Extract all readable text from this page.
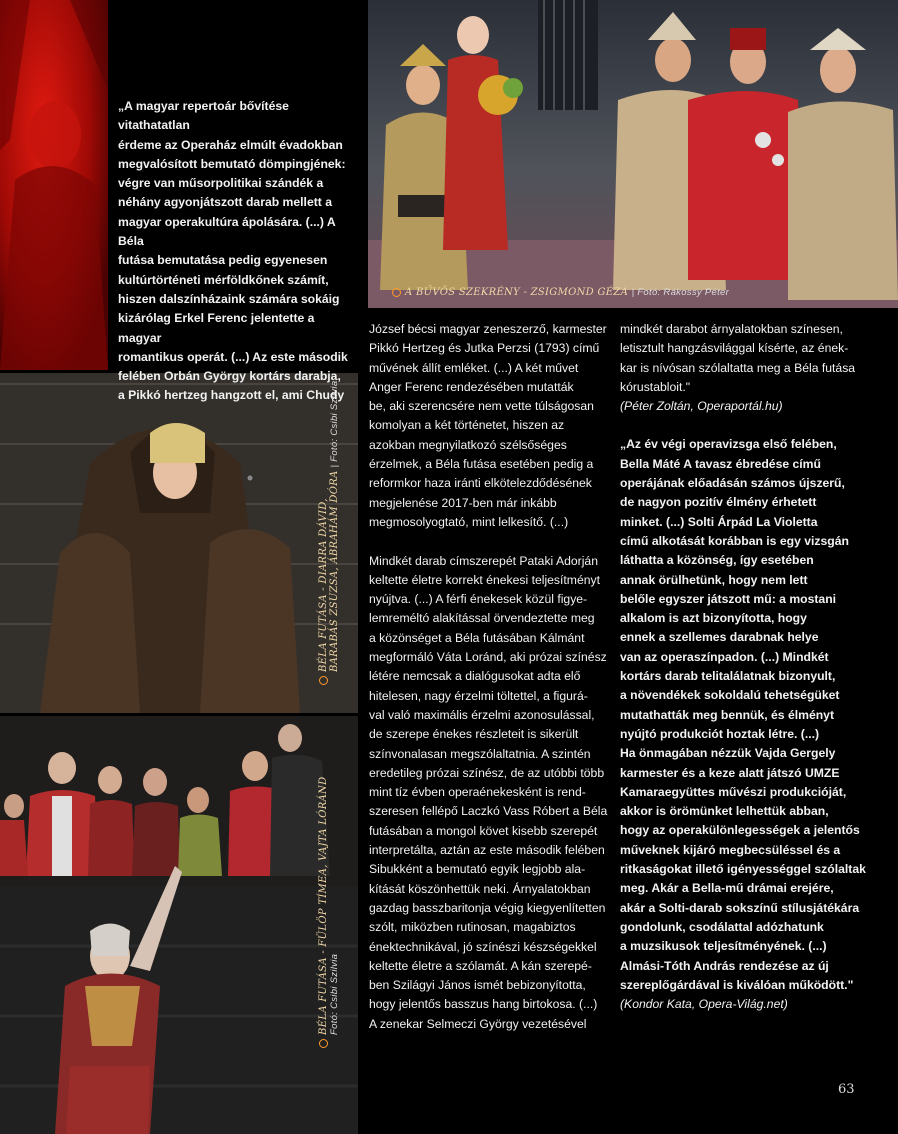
A BŰVÖS SZEKRÉNY - ZSIGMOND GÉZA | Fotó: Rákossy Péter
BÉLA FUTÁSA - DIARRA DÁVID, BARABÁS ZSUZSA, ÁBRAHÁM DÓRA | Fotó: Csibi Szilvia
BÉLA FUTÁSA - FÜLÖP TÍMEA, VAJTA LÓRÁND Fotó: Csibi Szilvia

„A magyar repertoár bővítése vitathatatlan

érdeme az Operaház elmúlt évadokban

megvalósított bemutató dömpingjének:

végre van műsorpolitikai szándék a

néhány agyonjátszott darab mellett a

magyar operakultúra ápolására. (...) A Béla

futása bemutatása pedig egyenesen

kultúrtörténeti mérföldkőnek számít,

hiszen dalszínházaink számára sokáig

kizárólag Erkel Ferenc jelentette a magyar

romantikus operát. (...) Az este második

felében Orbán György kortárs darabja,

a Pikkó hertzeg hangzott el, ami Chudy

József bécsi magyar zeneszerző, karmester

Pikkó Hertzeg és Jutka Perzsi (1793) című

művének állít emléket. (...) A két művet

Anger Ferenc rendezésében mutatták

be, aki szerencsére nem vette túlságosan

komolyan a két történetet, hiszen az

azokban megnyilatkozó szélsőséges

érzelmek, a Béla futása esetében pedig a

reformkor haza iránti elkötelezdődésének

megjelenése 2017-ben már inkább

megmosolyogtató, mint lelkesítő. (...)

Mindkét darab címszerepét Pataki Adorján

keltette életre korrekt énekesi teljesítményt

nyújtva. (...) A férfi énekesek közül figye-

lemreméltó alakítással örvendeztette meg

a közönséget a Béla futásában Kálmánt

megformáló Váta Loránd, aki prózai színész

létére nemcsak a dialógusokat adta elő

hitelesen, nagy érzelmi töltettel, a figurá-

val való maximális érzelmi azonosulással,

de szerepe énekes részleteit is sikerült

színvonalasan megszólaltatnia. A szintén

eredetileg prózai színész, de az utóbbi több

mint tíz évben operaénekesként is rend-

szeresen fellépő Laczkó Vass Róbert a Béla

futásában a mongol követ kisebb szerepét

interpretálta, aztán az este második felében

Sibukként a bemutató egyik legjobb ala-

kítását köszönhettük neki. Árnyalatokban

gazdag basszbaritonja végig kiegyenlítetten

szólt, miközben rutinosan, magabiztos

énektechnikával, jó színészi készségekkel

keltette életre a szólamát. A kán szerepé-

ben Szilágyi János ismét bebizonyította,

hogy jelentős basszus hang birtokosa. (...)

A zenekar Selmeczi György vezetésével

mindkét darabot árnyalatokban színesen,

letisztult hangzásvilággal kísérte, az ének-

kar is nívósan szólaltatta meg a Béla futása

kórustabloit."

(Péter Zoltán, Operaportál.hu)

„Az év végi operavizsga első felében,

Bella Máté A tavasz ébredése című

operájának előadásán számos újszerű,

de nagyon pozitív élmény érhetett

minket. (...) Solti Árpád La Violetta

című alkotását korábban is egy vizsgán

láthatta a közönség, így esetében

annak örülhetünk, hogy nem lett

belőle egyszer játszott mű: a mostani

alkalom is azt bizonyította, hogy

ennek a szellemes darabnak helye

van az operaszínpadon. (...) Mindkét

kortárs darab telitalálatnak bizonyult,

a növendékek sokoldalú tehetségüket

mutathatták meg bennük, és élményt

nyújtó produkciót hoztak létre. (...)

Ha önmagában nézzük Vajda Gergely

karmester és a keze alatt játszó UMZE

Kamaraegyüttes művészi produkcióját,

akkor is örömünket lelhettük abban,

hogy az operakülönlegességek a jelentős

műveknek kijáró megbecsüléssel és a

ritkaságokat illető igényességgel szólaltak

meg. Akár a Bella-mű drámai erejére,

akár a Solti-darab sokszínű stílusjátékára

gondolunk, csodálattal adózhatunk

a muzsikusok teljesítményének. (...)

Almási-Tóth András rendezése az új

szereplőgárdával is kiválóan működött."

(Kondor Kata, Opera-Világ.net)

63
